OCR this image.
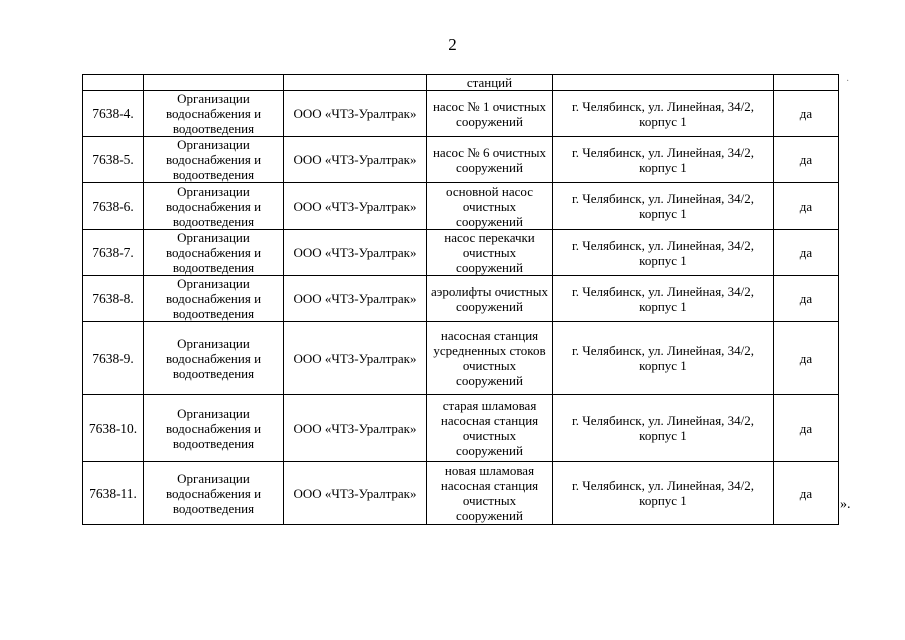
2
·
			станций		
7638-4.	Организации водоснабжения и водоотведения	ООО «ЧТЗ-Уралтрак»	насос № 1 очистных сооружений	г. Челябинск, ул. Линейная, 34/2, корпус 1	да
7638-5.	Организации водоснабжения и водоотведения	ООО «ЧТЗ-Уралтрак»	насос № 6 очистных сооружений	г. Челябинск, ул. Линейная, 34/2, корпус 1	да
7638-6.	Организации водоснабжения и водоотведения	ООО «ЧТЗ-Уралтрак»	основной насос очистных сооружений	г. Челябинск, ул. Линейная, 34/2, корпус 1	да
7638-7.	Организации водоснабжения и водоотведения	ООО «ЧТЗ-Уралтрак»	насос перекачки очистных сооружений	г. Челябинск, ул. Линейная, 34/2, корпус 1	да
7638-8.	Организации водоснабжения и водоотведения	ООО «ЧТЗ-Уралтрак»	аэролифты очистных сооружений	г. Челябинск, ул. Линейная, 34/2, корпус 1	да
7638-9.	Организации водоснабжения и водоотведения	ООО «ЧТЗ-Уралтрак»	насосная станция усредненных стоков очистных сооружений	г. Челябинск, ул. Линейная, 34/2, корпус 1	да
7638-10.	Организации водоснабжения и водоотведения	ООО «ЧТЗ-Уралтрак»	старая шламовая насосная станция очистных сооружений	г. Челябинск, ул. Линейная, 34/2, корпус 1	да
7638-11.	Организации водоснабжения и водоотведения	ООО «ЧТЗ-Уралтрак»	новая шламовая насосная станция очистных сооружений	г. Челябинск, ул. Линейная, 34/2, корпус 1	да
».
